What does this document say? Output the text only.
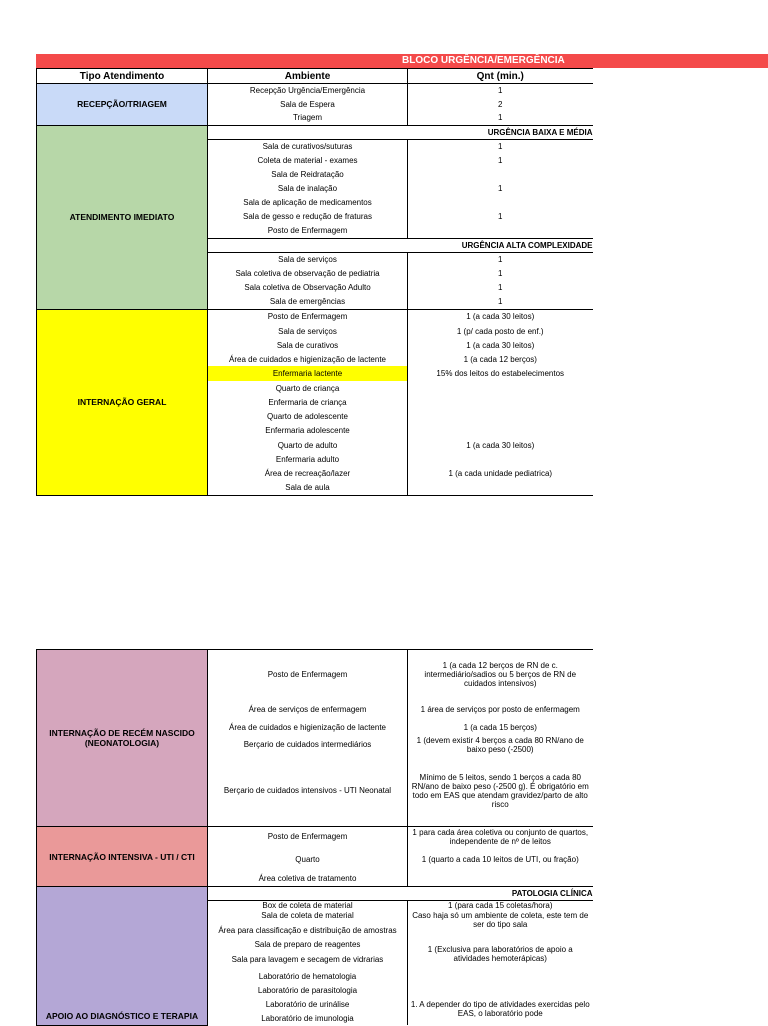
BLOCO URGÊNCIA/EMERGÊNCIA
Tipo Atendimento	Ambiente	Qnt (min.)
RECEPÇÃO/TRIAGEM	Recepção Urgência/Emergência	1
	Sala de Espera	2
	Triagem	1
ATENDIMENTO IMEDIATO	URGÊNCIA BAIXA E MÉDIA	
	Sala de curativos/suturas	1
	Coleta de material - exames	1
	Sala de Reidratação	
	Sala de inalação	1
	Sala de aplicação de medicamentos	
	Sala de gesso e redução de fraturas	1
	Posto de Enfermagem	
	URGÊNCIA ALTA COMPLEXIDADE	
	Sala de serviços	1
	Sala coletiva de observação de pediatria	1
	Sala coletiva de Observação Adulto	1
	Sala de emergências	1
INTERNAÇÃO GERAL	Posto de Enfermagem	1 (a cada 30 leitos)
	Sala de serviços	1 (p/ cada posto de enf.)
	Sala de curativos	1 (a cada 30 leitos)
	Área de cuidados e higienização de lactente	1 (a cada 12 berços)
	Enfermaria lactente	15% dos leitos do estabelecimentos
	Quarto de criança	
	Enfermaria de criança	
	Quarto de adolescente	
	Enfermaria adolescente	
	Quarto de adulto	1 (a cada 30 leitos)
	Enfermaria adulto	
	Área de recreação/lazer	1 (a cada unidade pediatrica)
	Sala de aula	
INTERNAÇÃO DE RECÉM NASCIDO (NEONATOLOGIA)	Posto de Enfermagem	1 (a cada 12 berços de RN de c. intermediário/sadios ou 5 berços de RN de cuidados intensivos)
	Área de serviços de enfermagem	1 área de serviços por posto de enfermagem
	Área de cuidados e higienização de lactente	1 (a cada 15 berços)
	Berçario de cuidados intermediários	1 (devem existir 4 berços a cada 80 RN/ano de baixo peso (-2500)
	Berçario de cuidados intensivos - UTI Neonatal	Mínimo de 5 leitos, sendo 1 berços a cada 80 RN/ano de baixo peso (-2500 g). É obrigatório em todo em EAS que atendam gravidez/parto de alto risco
INTERNAÇÃO INTENSIVA - UTI / CTI	Posto de Enfermagem	1 para cada área coletiva ou conjunto de quartos, independente de nº de leitos
	Quarto	1 (quarto a cada 10 leitos de UTI, ou fração)
	Área coletiva de tratamento	
APOIO AO DIAGNÓSTICO E TERAPIA	PATOLOGIA CLÍNICA	
	Box de coleta de material	1 (para cada 15 coletas/hora)
	Sala de coleta de material	Caso haja só um ambiente de coleta, este tem de ser do tipo sala
	Área para classificação e distribuição de amostras	
	Sala de preparo de reagentes	1 (Exclusiva para laboratórios de apoio a atividades hemoterápicas)
	Sala para lavagem e secagem de vidrarias	
	Laboratório de hematologia	
	Laboratório de parasitologia	
	Laboratório de urinálise	1. A depender do tipo de atividades exercidas pelo EAS, o laboratório pode
	Laboratório de imunologia	
